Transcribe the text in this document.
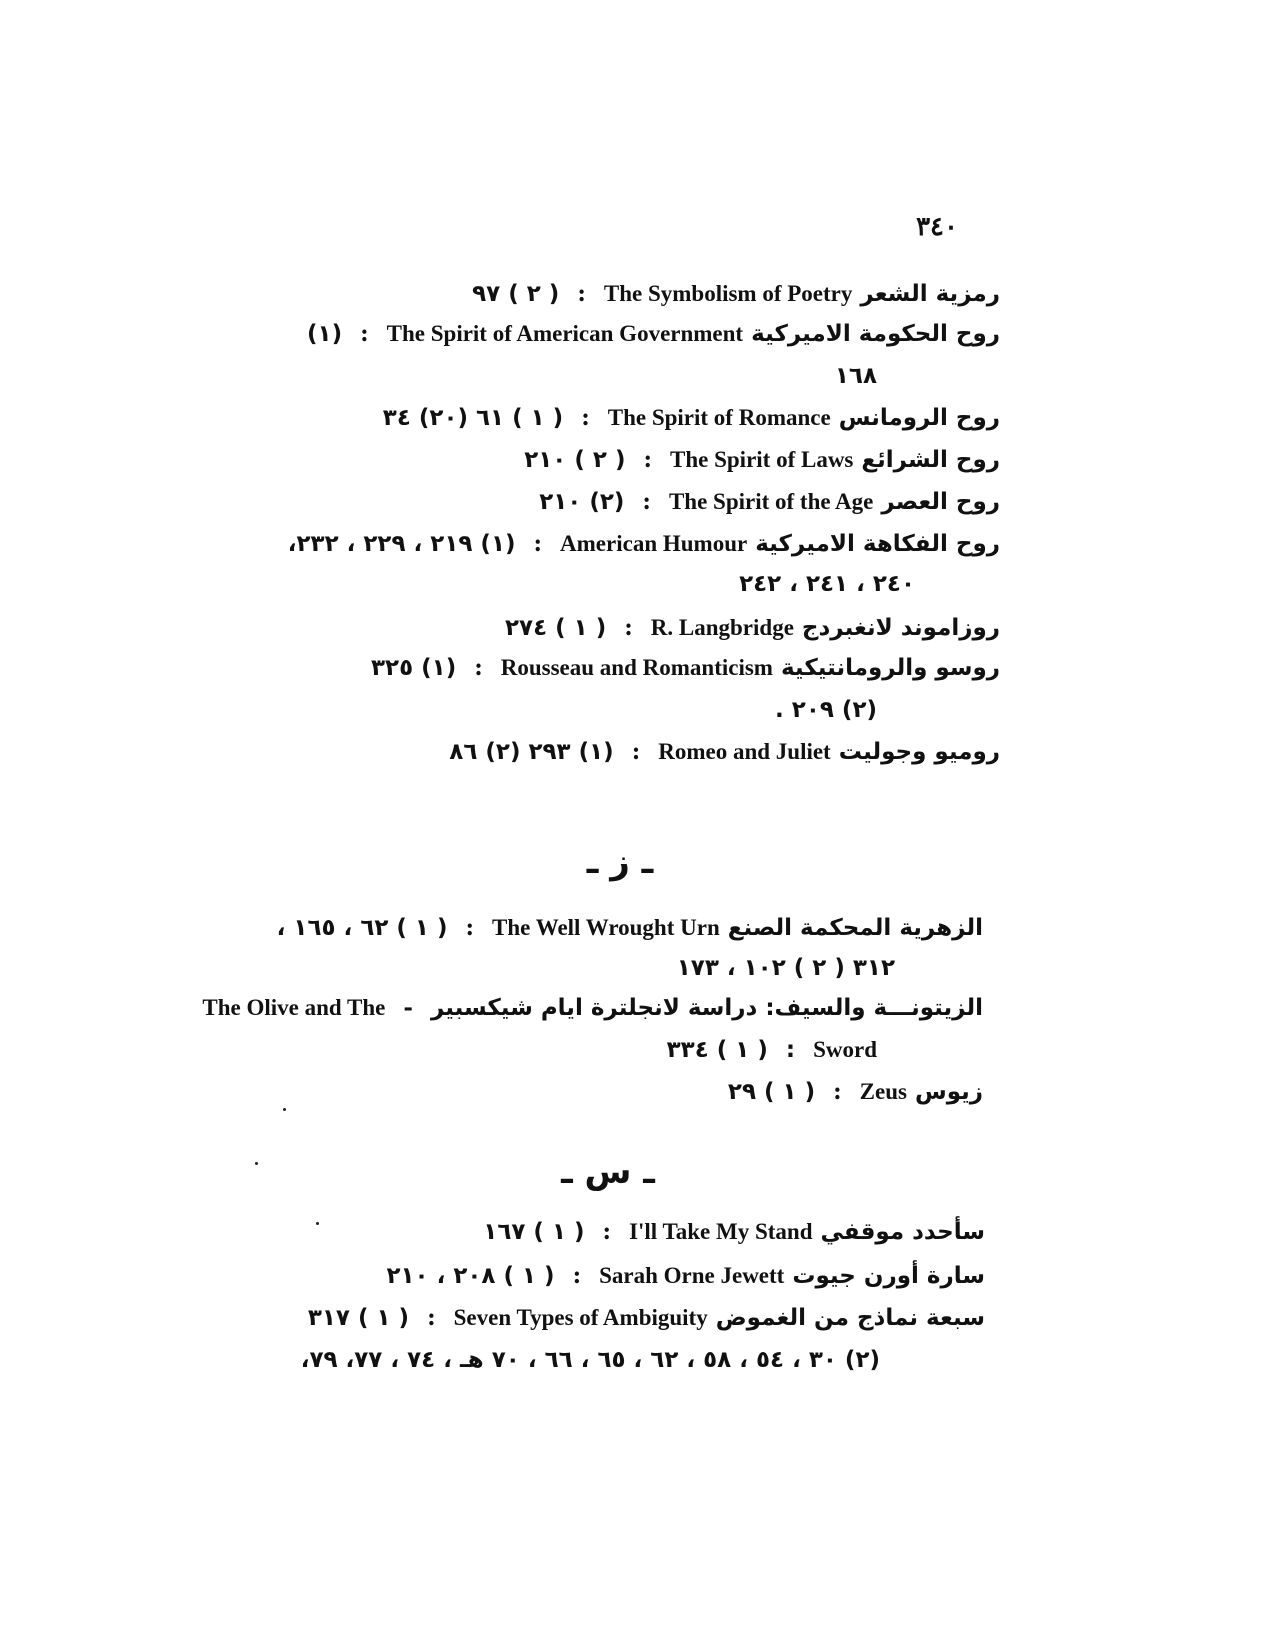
٣٤٠
رمزية الشعر The Symbolism of Poetry : ( ٢ ) ٩٧
روح الحكومة الاميركية The Spirit of American Government : (١)
١٦٨
روح الرومانس The Spirit of Romance : ( ١ ) ٦١ (٢٠) ٣٤
روح الشرائع The Spirit of Laws : ( ٢ ) ٢١٠
روح العصر The Spirit of the Age : (٢) ٢١٠
روح الفكاهة الاميركية American Humour : (١) ٢١٩ ، ٢٢٩ ، ٢٣٢،
٢٤٠ ، ٢٤١ ، ٢٤٢
روزاموند لانغبردج R. Langbridge : ( ١ ) ٢٧٤
روسو والرومانتيكية Rousseau and Romanticism : (١) ٣٢٥
(٢) ٢٠٩ .
روميو وجوليت Romeo and Juliet : (١) ٢٩٣ (٢) ٨٦
ـ ز ـ
الزهرية المحكمة الصنع The Well Wrought Urn : ( ١ ) ٦٢ ، ١٦٥ ،
٣١٢ ( ٢ ) ١٠٢ ، ١٧٣
الزيتونـــة والسيف: دراسة لانجلترة ايام شيكسبير - The Olive and The
Sword : ( ١ ) ٣٣٤
زيوس Zeus : ( ١ ) ٢٩
ـ س ـ
سأحدد موقفي I'll Take My Stand : ( ١ ) ١٦٧
سارة أورن جيوت Sarah Orne Jewett : ( ١ ) ٢٠٨ ، ٢١٠
سبعة نماذج من الغموض Seven Types of Ambiguity : ( ١ ) ٣١٧
(٢) ٣٠ ، ٥٤ ، ٥٨ ، ٦٢ ، ٦٥ ، ٦٦ ، ٧٠ هـ ، ٧٤ ، ٧٧، ٧٩،
